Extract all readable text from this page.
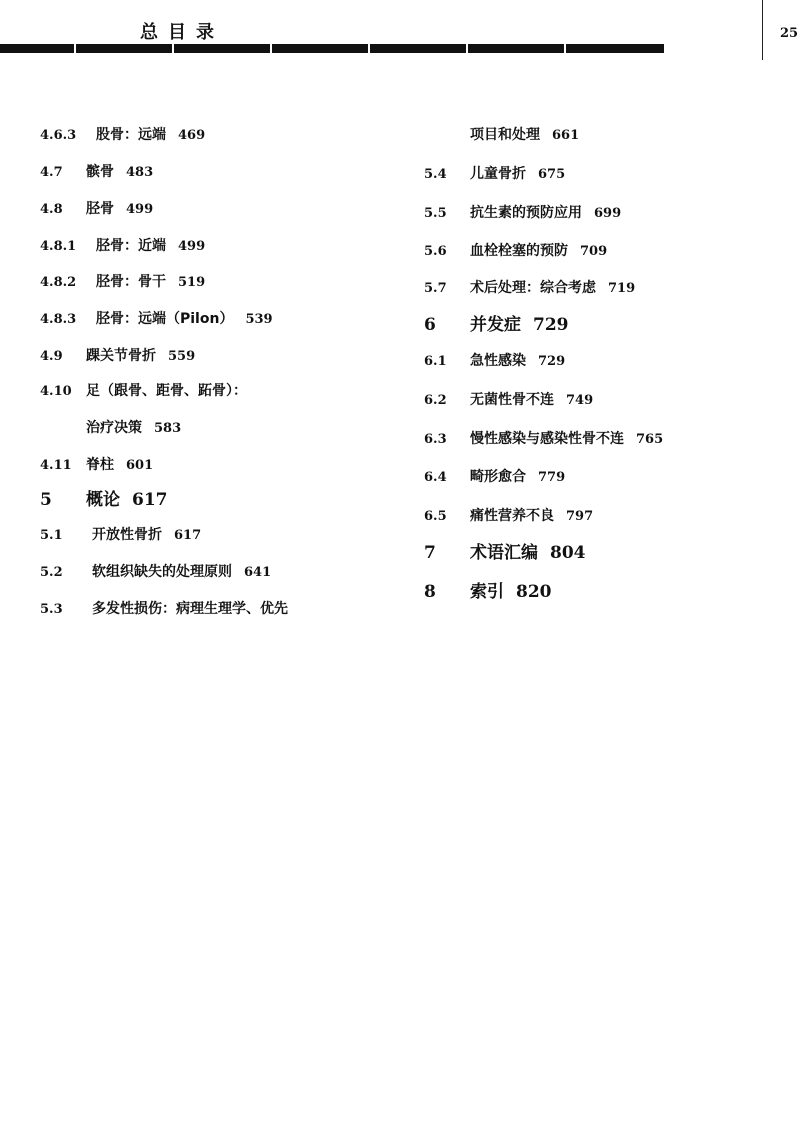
总目录	25
4.6.3 股骨：远端 469
4.7 髌骨 483
4.8 胫骨 499
4.8.1 胫骨：近端 499
4.8.2 胫骨：骨干 519
4.8.3 胫骨：远端（Pilon） 539
4.9 踝关节骨折 559
4.10 足（跟骨、距骨、跖骨）：
治疗决策 583
4.11 脊柱 601
5 概论 617
5.1 开放性骨折 617
5.2 软组织缺失的处理原则 641
5.3 多发性损伤：病理生理学、优先
项目和处理 661
5.4 儿童骨折 675
5.5 抗生素的预防应用 699
5.6 血栓栓塞的预防 709
5.7 术后处理：综合考虑 719
6 并发症 729
6.1 急性感染 729
6.2 无菌性骨不连 749
6.3 慢性感染与感染性骨不连 765
6.4 畸形愈合 779
6.5 痛性营养不良 797
7 术语汇编 804
8 索引 820
